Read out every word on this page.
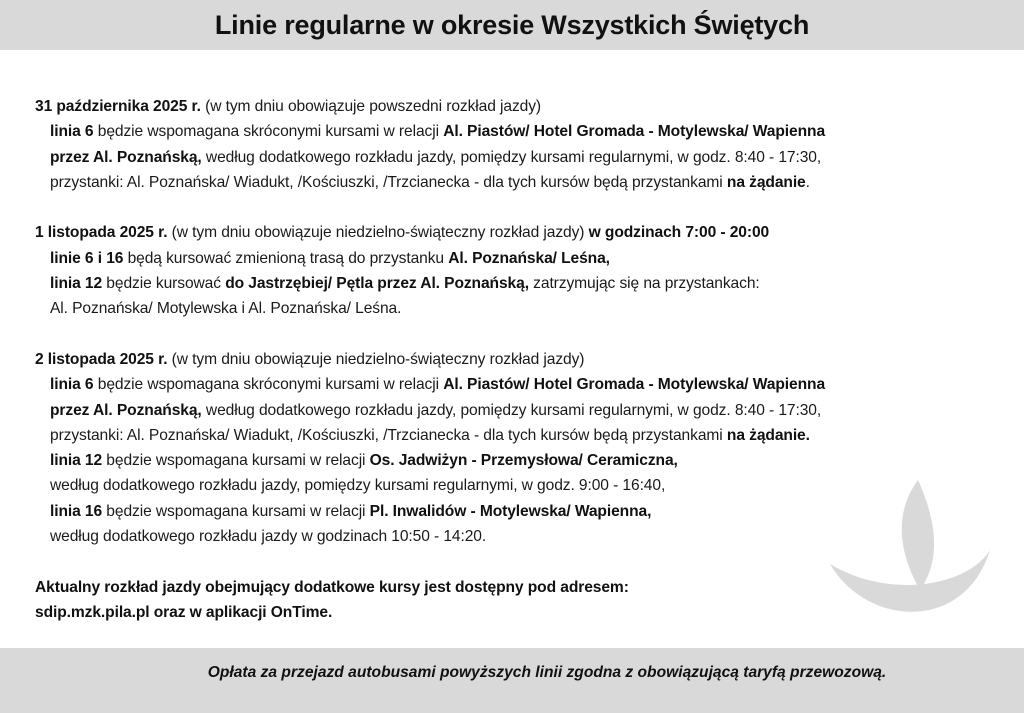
Linie regularne w okresie Wszystkich Świętych
31 października 2025 r. (w tym dniu obowiązuje powszedni rozkład jazdy)
linia 6 będzie wspomagana skróconymi kursami w relacji Al. Piastów/ Hotel Gromada - Motylewska/ Wapienna
przez Al. Poznańską, według dodatkowego rozkładu jazdy, pomiędzy kursami regularnymi, w godz. 8:40 - 17:30,
przystanki: Al. Poznańska/ Wiadukt, /Kościuszki, /Trzcianecka - dla tych kursów będą przystankami na żądanie.
1 listopada 2025 r. (w tym dniu obowiązuje niedzielno-świąteczny rozkład jazdy) w godzinach 7:00 - 20:00
linie 6 i 16 będą kursować zmienioną trasą do przystanku Al. Poznańska/ Leśna,
linia 12 będzie kursować do Jastrzębiej/ Pętla przez Al. Poznańską, zatrzymując się na przystankach:
Al. Poznańska/ Motylewska i Al. Poznańska/ Leśna.
2 listopada 2025 r. (w tym dniu obowiązuje niedzielno-świąteczny rozkład jazdy)
linia 6 będzie wspomagana skróconymi kursami w relacji Al. Piastów/ Hotel Gromada - Motylewska/ Wapienna
przez Al. Poznańską, według dodatkowego rozkładu jazdy, pomiędzy kursami regularnymi, w godz. 8:40 - 17:30,
przystanki: Al. Poznańska/ Wiadukt, /Kościuszki, /Trzcianecka - dla tych kursów będą przystankami na żądanie.
linia 12 będzie wspomagana kursami w relacji Os. Jadwiżyn - Przemysłowa/ Ceramiczna,
według dodatkowego rozkładu jazdy, pomiędzy kursami regularnymi, w godz. 9:00 - 16:40,
linia 16 będzie wspomagana kursami w relacji Pl. Inwalidów - Motylewska/ Wapienna,
według dodatkowego rozkładu jazdy w godzinach 10:50 - 14:20.
Aktualny rozkład jazdy obejmujący dodatkowe kursy jest dostępny pod adresem:
sdip.mzk.pila.pl oraz w aplikacji OnTime.

Opłata za przejazd autobusami powyższych linii zgodna z obowiązującą taryfą przewozową.
